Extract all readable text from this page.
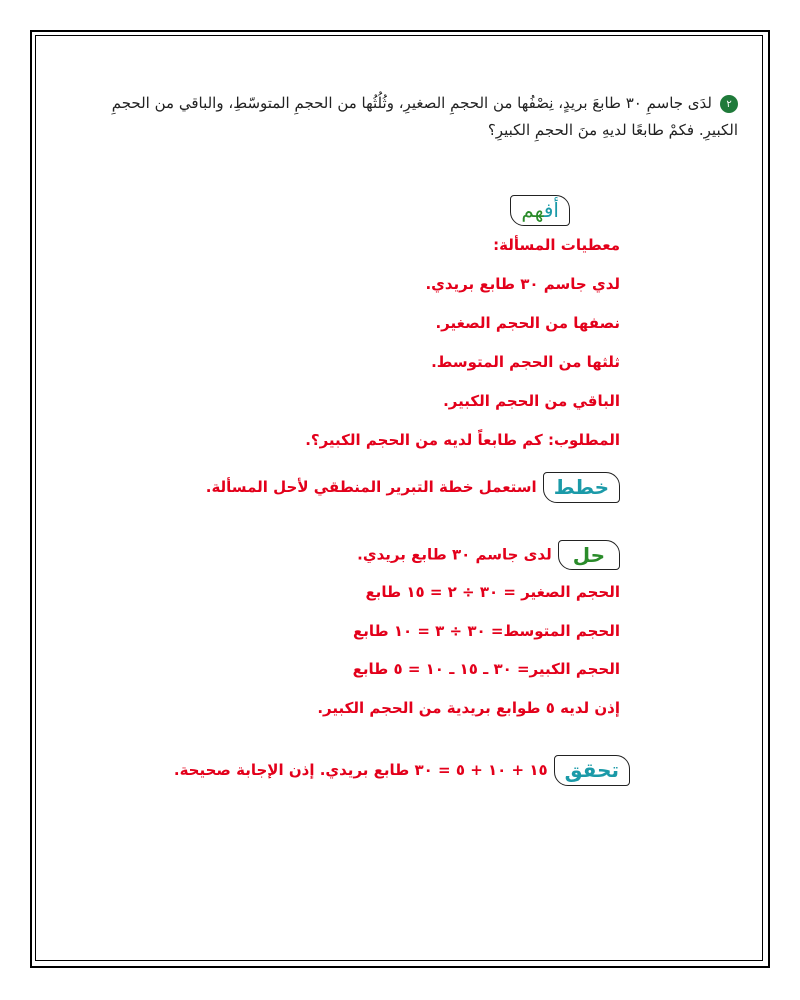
٢لدَى جاسمِ ٣٠ طابعَ بريدٍ، نِصْفُها من الحجمِ الصغيرِ، وثُلُثُها من الحجمِ المتوسّطِ، والباقي من الحجمِ الكبيرِ. فكمْ طابعًا لديهِ منَ الحجمِ الكبيرِ؟
أفهم
معطيات المسألة:
لدي جاسم ٣٠ طابع بريدي.
نصفها من الحجم الصغير.
ثلثها من الحجم المتوسط.
الباقي من الحجم الكبير.
المطلوب: كم طابعاً لديه من الحجم الكبير؟.
خططاستعمل خطة التبرير المنطقي لأحل المسألة.
حللدى جاسم ٣٠ طابع بريدي.
الحجم الصغير = ٣٠ ÷ ٢ = ١٥ طابع
الحجم المتوسط= ٣٠ ÷ ٣ = ١٠ طابع
الحجم الكبير= ٣٠ ـ ١٥ ـ ١٠ = ٥ طابع
إذن لديه ٥ طوابع بريدية من الحجم الكبير.
تحقق١٥ + ١٠ + ٥ = ٣٠ طابع بريدي. إذن الإجابة صحيحة.
